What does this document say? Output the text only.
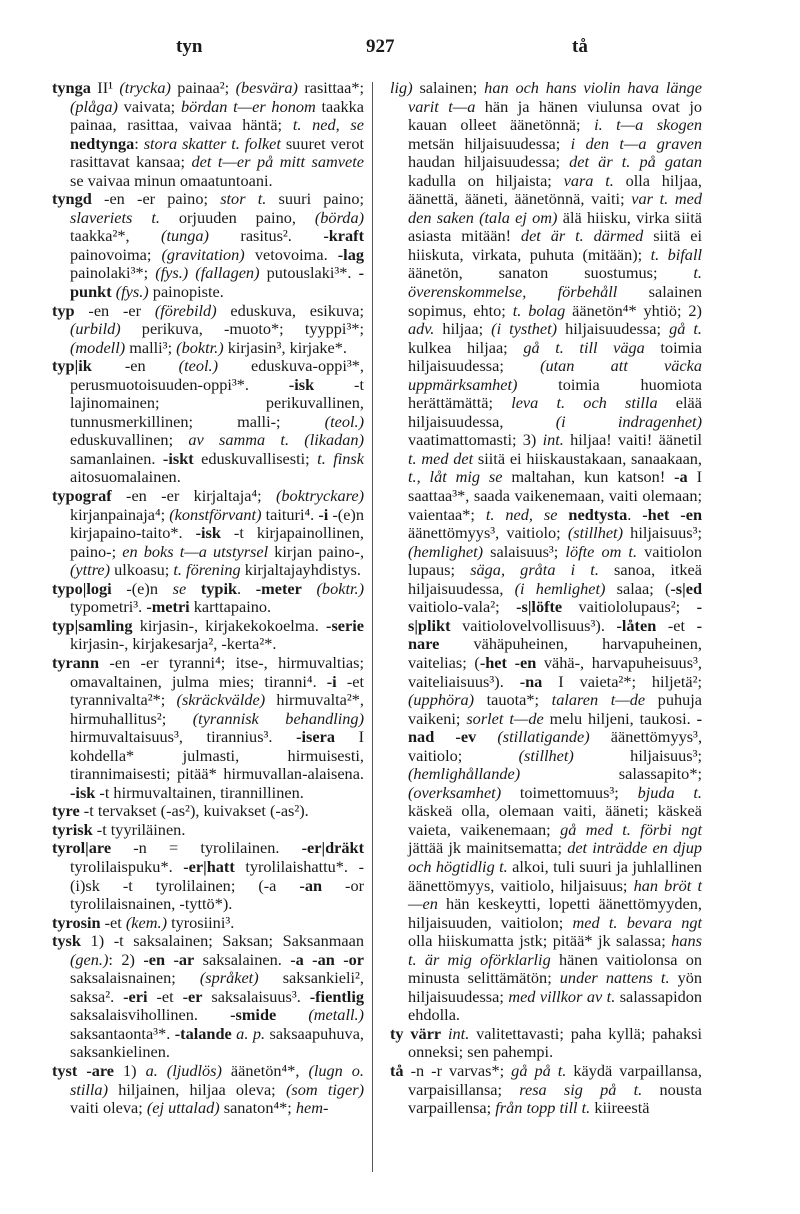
tyn	927	tå

tynga II¹ (trycka) painaa²; (besvära) rasittaa*; (plåga) vaivata; bördan t—er honom taakka painaa, rasittaa, vaivaa häntä; t. ned, se nedtynga: stora skatter t. folket suuret verot rasittavat kansaa; det t—er på mitt samvete se vaivaa minun omaatuntoani.

tyngd -en -er paino; stor t. suuri paino; slaveriets t. orjuuden paino, (börda) taakka²*, (tunga) rasitus². -kraft painovoima; (gravitation) vetovoima. -lag painolaki³*; (fys.) (fallagen) putouslaki³*. -punkt (fys.) painopiste.

typ -en -er (förebild) eduskuva, esikuva; (urbild) perikuva, -muoto*; tyyppi³*; (modell) malli³; (boktr.) kirjasin³, kirjake*.

typ|ik -en (teol.) eduskuva-oppi³*, perusmuotoisuuden-oppi³*. -isk -t lajinomainen; perikuvallinen, tunnusmerkillinen; malli-; (teol.) eduskuvallinen; av samma t. (likadan) samanlainen. -iskt eduskuvallisesti; t. finsk aitosuomalainen.

typograf -en -er kirjaltaja⁴; (boktryckare) kirjanpainaja⁴; (konstförvant) taituri⁴. -i -(e)n kirjapaino-taito*. -isk -t kirjapainollinen, paino-; en boks t—a utstyrsel kirjan paino-, (yttre) ulkoasu; t. förening kirjaltajayhdistys.

typo|logi -(e)n se typik. -meter (boktr.) typometri³. -metri karttapaino.

typ|samling kirjasin-, kirjakekokoelma. -serie kirjasin-, kirjakesarja², -kerta²*.

tyrann -en -er tyranni⁴; itse-, hirmuvaltias; omavaltainen, julma mies; tiranni⁴. -i -et tyrannivalta²*; (skräckvälde) hirmuvalta²*, hirmuhallitus²; (tyrannisk behandling) hirmuvaltaisuus³, tirannius³. -isera I kohdella* julmasti, hirmuisesti, tirannimaisesti; pitää* hirmuvallan-alaisena. -isk -t hirmuvaltainen, tirannillinen.

tyre -t tervakset (-as²), kuivakset (-as²).

tyrisk -t tyyriläinen.

tyrol|are -n = tyrolilainen. -er|dräkt tyrolilaispuku*. -er|hatt tyrolilaishattu*. -(i)sk -t tyrolilainen; (-a -an -or tyrolilaisnainen, -tyttö*).

tyrosin -et (kem.) tyrosiini³.

tysk 1) -t saksalainen; Saksan; Saksanmaan (gen.): 2) -en -ar saksalainen. -a -an -or saksalaisnainen; (språket) saksankieli², saksa². -eri -et -er saksalaisuus³. -fientlig saksalaisvihollinen. -smide (metall.) saksantaonta³*. -talande a. p. saksaapuhuva, saksankielinen.

tyst -are 1) a. (ljudlös) äänetön⁴*, (lugn o. stilla) hiljainen, hiljaa oleva; (som tiger) vaiti oleva; (ej uttalad) sanaton⁴*; hem-

lig) salainen; han och hans violin hava länge varit t—a hän ja hänen viulunsa ovat jo kauan olleet äänetönnä; i. t—a skogen metsän hiljaisuudessa; i den t—a graven haudan hiljaisuudessa; det är t. på gatan kadulla on hiljaista; vara t. olla hiljaa, äänettä, ääneti, äänetönnä, vaiti; var t. med den saken (tala ej om) älä hiisku, virka siitä asiasta mitään! det är t. därmed siitä ei hiiskuta, virkata, puhuta (mitään); t. bifall äänetön, sanaton suostumus; t. överenskommelse, förbehåll salainen sopimus, ehto; t. bolag äänetön⁴* yhtiö; 2) adv. hiljaa; (i tysthet) hiljaisuudessa; gå t. kulkea hiljaa; gå t. till väga toimia hiljaisuudessa; (utan att väcka uppmärksamhet) toimia huomiota herättämättä; leva t. och stilla elää hiljaisuudessa, (i indragenhet) vaatimattomasti; 3) int. hiljaa! vaiti! äänetil t. med det siitä ei hiiskaustakaan, sanaakaan, t., låt mig se maltahan, kun katson! -a I saattaa³*, saada vaikenemaan, vaiti olemaan; vaientaa*; t. ned, se nedtysta. -het -en äänettömyys³, vaitiolo; (stillhet) hiljaisuus³; (hemlighet) salaisuus³; löfte om t. vaitiolon lupaus; säga, gråta i t. sanoa, itkeä hiljaisuudessa, (i hemlighet) salaa; (-s|ed vaitiolo-vala²; -s|löfte vaitiololupaus²; -s|plikt vaitiolovelvollisuus³). -låten -et -nare vähäpuheinen, harvapuheinen, vaitelias; (-het -en vähä-, harvapuheisuus³, vaiteliaisuus³). -na I vaieta²*; hiljetä²; (upphöra) tauota*; talaren t—de puhuja vaikeni; sorlet t—de melu hiljeni, taukosi. -nad -ev (stillatigande) äänettömyys³, vaitiolo; (stillhet) hiljaisuus³; (hemlighållande) salassapito*; (overksamhet) toimettomuus³; bjuda t. käskeä olla, olemaan vaiti, ääneti; käskeä vaieta, vaikenemaan; gå med t. förbi ngt jättää jk mainitsematta; det inträdde en djup och högtidlig t. alkoi, tuli suuri ja juhlallinen äänettömyys, vaitiolo, hiljaisuus; han bröt t—en hän keskeytti, lopetti äänettömyyden, hiljaisuuden, vaitiolon; med t. bevara ngt olla hiiskumatta jstk; pitää* jk salassa; hans t. är mig oförklarlig hänen vaitiolonsa on minusta selittämätön; under nattens t. yön hiljaisuudessa; med villkor av t. salassapidon ehdolla.

ty värr int. valitettavasti; paha kyllä; pahaksi onneksi; sen pahempi.

tå -n -r varvas*; gå på t. käydä varpaillansa, varpaisillansa; resa sig på t. nousta varpaillensa; från topp till t. kiireestä
